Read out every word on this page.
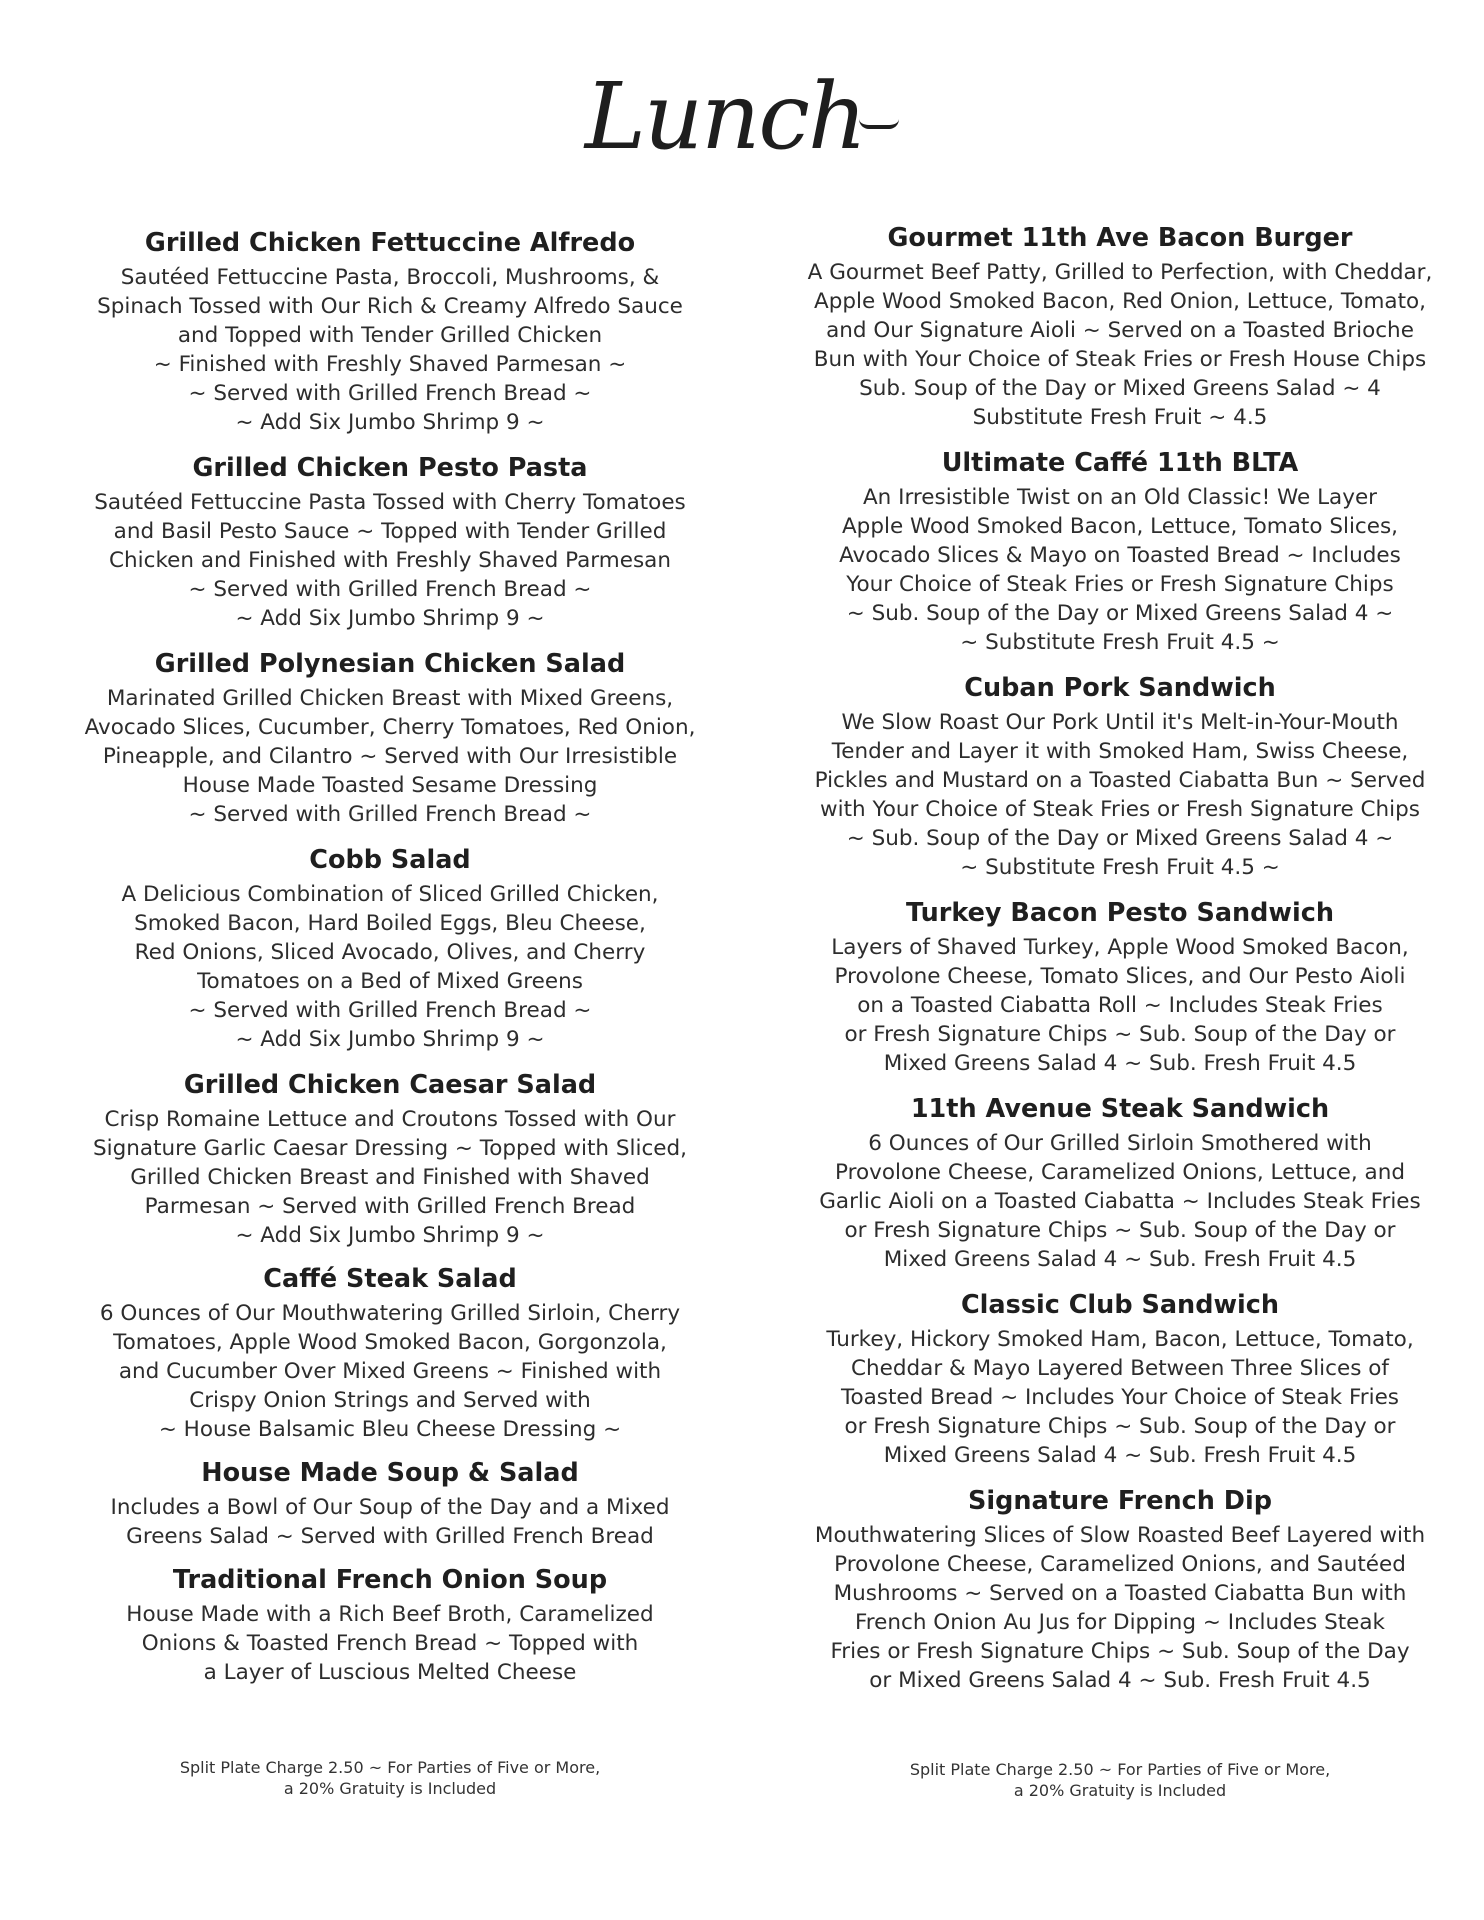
Lunch
Grilled Chicken Fettuccine Alfredo
Sautéed Fettuccine Pasta, Broccoli, Mushrooms, &
Spinach Tossed with Our Rich & Creamy Alfredo Sauce
and Topped with Tender Grilled Chicken
~ Finished with Freshly Shaved Parmesan ~
~ Served with Grilled French Bread ~
~ Add Six Jumbo Shrimp 9 ~
Grilled Chicken Pesto Pasta
Sautéed Fettuccine Pasta Tossed with Cherry Tomatoes
and Basil Pesto Sauce ~ Topped with Tender Grilled
Chicken and Finished with Freshly Shaved Parmesan
~ Served with Grilled French Bread ~
~ Add Six Jumbo Shrimp 9 ~
Grilled Polynesian Chicken Salad
Marinated Grilled Chicken Breast with Mixed Greens,
Avocado Slices, Cucumber, Cherry Tomatoes, Red Onion,
Pineapple, and Cilantro ~ Served with Our Irresistible
House Made Toasted Sesame Dressing
~ Served with Grilled French Bread ~
Cobb Salad
A Delicious Combination of Sliced Grilled Chicken,
Smoked Bacon, Hard Boiled Eggs, Bleu Cheese,
Red Onions, Sliced Avocado, Olives, and Cherry
Tomatoes on a Bed of Mixed Greens
~ Served with Grilled French Bread ~
~ Add Six Jumbo Shrimp 9 ~
Grilled Chicken Caesar Salad
Crisp Romaine Lettuce and Croutons Tossed with Our
Signature Garlic Caesar Dressing ~ Topped with Sliced,
Grilled Chicken Breast and Finished with Shaved
Parmesan ~ Served with Grilled French Bread
~ Add Six Jumbo Shrimp 9 ~
Caffé Steak Salad
6 Ounces of Our Mouthwatering Grilled Sirloin, Cherry
Tomatoes, Apple Wood Smoked Bacon, Gorgonzola,
and Cucumber Over Mixed Greens ~ Finished with
Crispy Onion Strings and Served with
~ House Balsamic Bleu Cheese Dressing ~
House Made Soup & Salad
Includes a Bowl of Our Soup of the Day and a Mixed
Greens Salad ~ Served with Grilled French Bread
Traditional French Onion Soup
House Made with a Rich Beef Broth, Caramelized
Onions & Toasted French Bread ~ Topped with
a Layer of Luscious Melted Cheese
Gourmet 11th Ave Bacon Burger
A Gourmet Beef Patty, Grilled to Perfection, with Cheddar,
Apple Wood Smoked Bacon, Red Onion, Lettuce, Tomato,
and Our Signature Aioli ~ Served on a Toasted Brioche
Bun with Your Choice of Steak Fries or Fresh House Chips
Sub. Soup of the Day or Mixed Greens Salad ~ 4
Substitute Fresh Fruit ~ 4.5
Ultimate Caffé 11th BLTA
An Irresistible Twist on an Old Classic! We Layer
Apple Wood Smoked Bacon, Lettuce, Tomato Slices,
Avocado Slices & Mayo on Toasted Bread ~ Includes
Your Choice of Steak Fries or Fresh Signature Chips
~ Sub. Soup of the Day or Mixed Greens Salad 4 ~
~ Substitute Fresh Fruit 4.5 ~
Cuban Pork Sandwich
We Slow Roast Our Pork Until it's Melt-in-Your-Mouth
Tender and Layer it with Smoked Ham, Swiss Cheese,
Pickles and Mustard on a Toasted Ciabatta Bun ~ Served
with Your Choice of Steak Fries or Fresh Signature Chips
~ Sub. Soup of the Day or Mixed Greens Salad 4 ~
~ Substitute Fresh Fruit 4.5 ~
Turkey Bacon Pesto Sandwich
Layers of Shaved Turkey, Apple Wood Smoked Bacon,
Provolone Cheese, Tomato Slices, and Our Pesto Aioli
on a Toasted Ciabatta Roll ~ Includes Steak Fries
or Fresh Signature Chips ~ Sub. Soup of the Day or
Mixed Greens Salad 4 ~ Sub. Fresh Fruit 4.5
11th Avenue Steak Sandwich
6 Ounces of Our Grilled Sirloin Smothered with
Provolone Cheese, Caramelized Onions, Lettuce, and
Garlic Aioli on a Toasted Ciabatta ~ Includes Steak Fries
or Fresh Signature Chips ~ Sub. Soup of the Day or
Mixed Greens Salad 4 ~ Sub. Fresh Fruit 4.5
Classic Club Sandwich
Turkey, Hickory Smoked Ham, Bacon, Lettuce, Tomato,
Cheddar & Mayo Layered Between Three Slices of
Toasted Bread ~ Includes Your Choice of Steak Fries
or Fresh Signature Chips ~ Sub. Soup of the Day or
Mixed Greens Salad 4 ~ Sub. Fresh Fruit 4.5
Signature French Dip
Mouthwatering Slices of Slow Roasted Beef Layered with
Provolone Cheese, Caramelized Onions, and Sautéed
Mushrooms ~ Served on a Toasted Ciabatta Bun with
French Onion Au Jus for Dipping ~ Includes Steak
Fries or Fresh Signature Chips ~ Sub. Soup of the Day
or Mixed Greens Salad 4 ~ Sub. Fresh Fruit 4.5
Split Plate Charge 2.50 ~ For Parties of Five or More,
a 20% Gratuity is Included
Split Plate Charge 2.50 ~ For Parties of Five or More,
a 20% Gratuity is Included
